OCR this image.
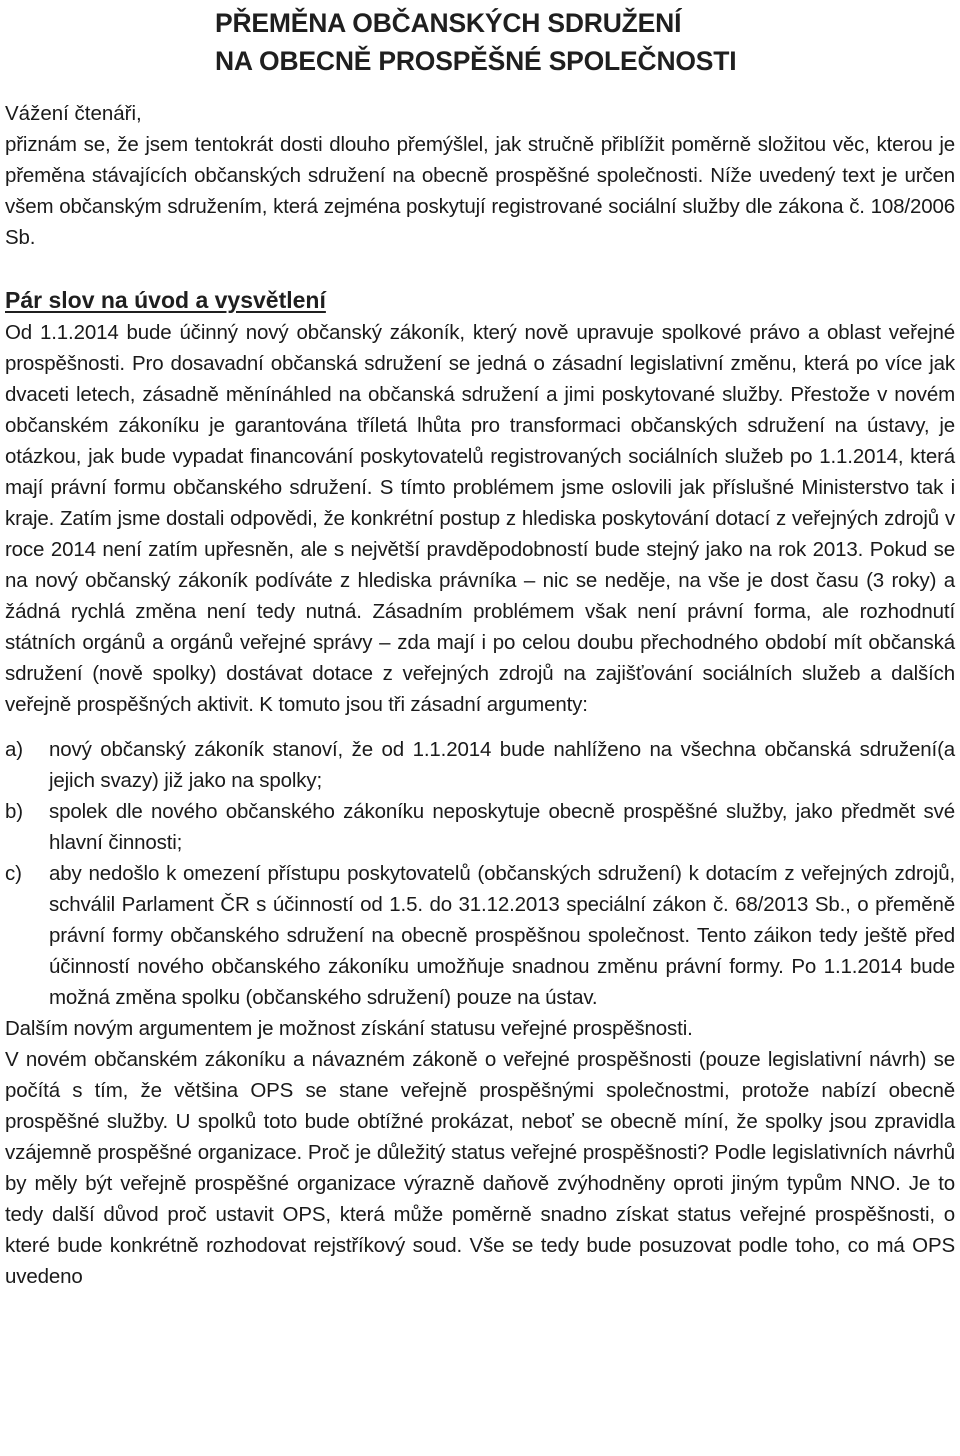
PŘEMĚNA OBČANSKÝCH SDRUŽENÍ
NA OBECNĚ PROSPĚŠNÉ SPOLEČNOSTI

Vážení čtenáři,

přiznám se, že jsem tentokrát dosti dlouho přemýšlel, jak stručně přiblížit poměrně složitou věc, kterou je přeměna stávajících občanských sdružení na obecně prospěšné společnosti. Níže uvedený text je určen všem občanským sdružením, která zejména poskytují registrované sociální služby dle zákona č. 108/2006 Sb.

Pár slov na úvod a vysvětlení

Od 1.1.2014 bude účinný nový občanský zákoník, který nově upravuje spolkové právo a oblast veřejné prospěšnosti. Pro dosavadní občanská sdružení se jedná o zásadní legislativní změnu, která po více jak dvaceti letech, zásadně měnínáhled na občanská sdružení a jimi poskytované služby. Přestože v novém občanském zákoníku je garantována tříletá lhůta pro transformaci občanských sdružení na ústavy, je otázkou, jak bude vypadat financování poskytovatelů registrovaných sociálních služeb po 1.1.2014, která mají právní formu občanského sdružení. S tímto problémem jsme oslovili jak příslušné Ministerstvo tak i kraje. Zatím jsme dostali odpovědi, že konkrétní postup z hlediska poskytování dotací z veřejných zdrojů v roce 2014 není zatím upřesněn, ale s největší pravděpodobností bude stejný jako na rok 2013. Pokud se na nový občanský zákoník podíváte z hlediska právníka – nic se neděje, na vše je dost času (3 roky) a žádná rychlá změna není tedy nutná. Zásadním problémem však není právní forma, ale rozhodnutí státních orgánů a orgánů veřejné správy – zda mají i po celou doubu přechodného období mít občanská sdružení (nově spolky) dostávat dotace z veřejných zdrojů na zajišťování sociálních služeb a dalších veřejně prospěšných aktivit. K tomuto jsou tři zásadní argumenty:

a) nový občanský zákoník stanoví, že od 1.1.2014 bude nahlíženo na všechna občanská sdružení(a jejich svazy) již jako na spolky;
b) spolek dle nového občanského zákoníku neposkytuje obecně prospěšné služby, jako předmět své hlavní činnosti;
c) aby nedošlo k omezení přístupu poskytovatelů (občanských sdružení) k dotacím z veřejných zdrojů, schválil Parlament ČR s účinností od 1.5. do 31.12.2013 speciální zákon č. 68/2013 Sb., o přeměně právní formy občanského sdružení na obecně prospěšnou společnost. Tento záikon tedy ještě před účinností nového občanského zákoníku umožňuje snadnou změnu právní formy. Po 1.1.2014 bude možná změna spolku (občanského sdružení) pouze na ústav.

Dalším novým argumentem je možnost získání statusu veřejné prospěšnosti.

V novém občanském zákoníku a návazném zákoně o veřejné prospěšnosti (pouze legislativní návrh) se počítá s tím, že většina OPS se stane veřejně prospěšnými společnostmi, protože nabízí obecně prospěšné služby. U spolků toto bude obtížné prokázat, neboť se obecně míní, že spolky jsou zpravidla vzájemně prospěšné organizace. Proč je důležitý status veřejné prospěšnosti? Podle legislativních návrhů by měly být veřejně prospěšné organizace výrazně daňově zvýhodněny oproti jiným typům NNO. Je to tedy další důvod proč ustavit OPS, která může poměrně snadno získat status veřejné prospěšnosti, o které bude konkrétně rozhodovat rejstříkový soud. Vše se tedy bude posuzovat podle toho, co má OPS uvedeno
